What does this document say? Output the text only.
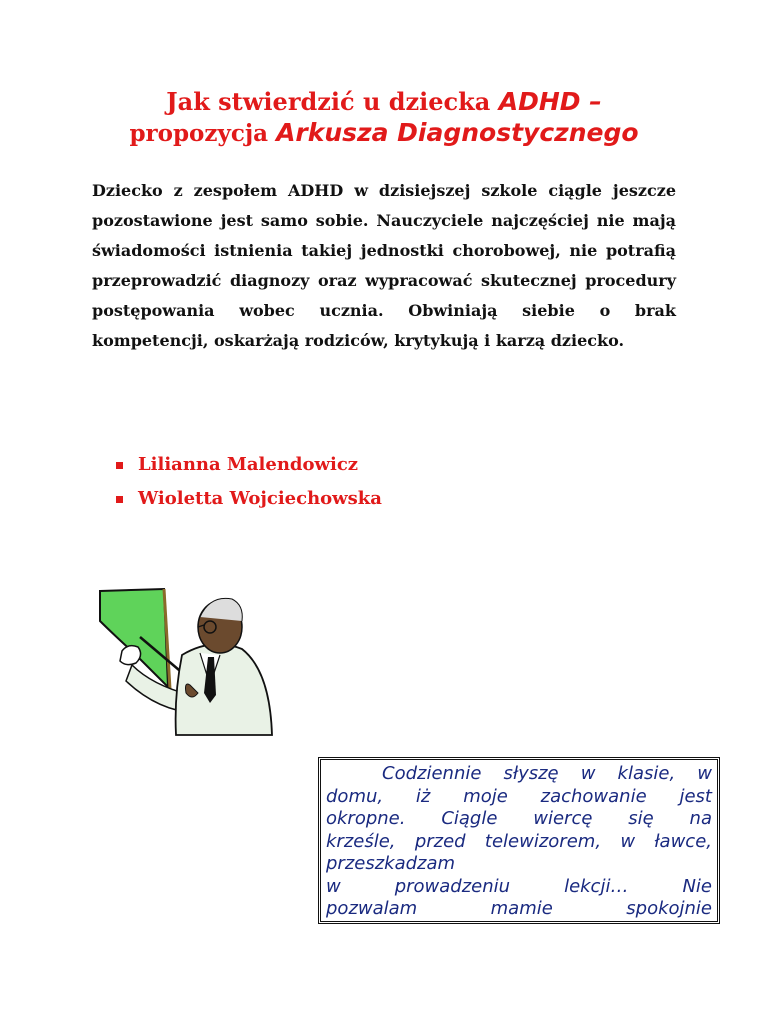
Jak stwierdzić u dziecka ADHD –
propozycja Arkusza Diagnostycznego

Dziecko z zespołem ADHD w dzisiejszej szkole ciągle jeszcze pozostawione jest samo sobie. Nauczyciele najczęściej nie mają świadomości istnienia takiej jednostki chorobowej, nie potrafią przeprowadzić diagnozy oraz wypracować skutecznej procedury postępowania wobec ucznia. Obwiniają siebie o brak kompetencji, oskarżają rodziców, krytykują i karzą dziecko.

Lilianna Malendowicz
Wioletta Wojciechowska

Codziennie słyszę w klasie, w
domu, iż moje zachowanie jest
okropne. Ciągle wiercę się na
krześle, przed telewizorem, w ławce,
przeszkadzam
w prowadzeniu lekcji… Nie
pozwalam mamie spokojnie
